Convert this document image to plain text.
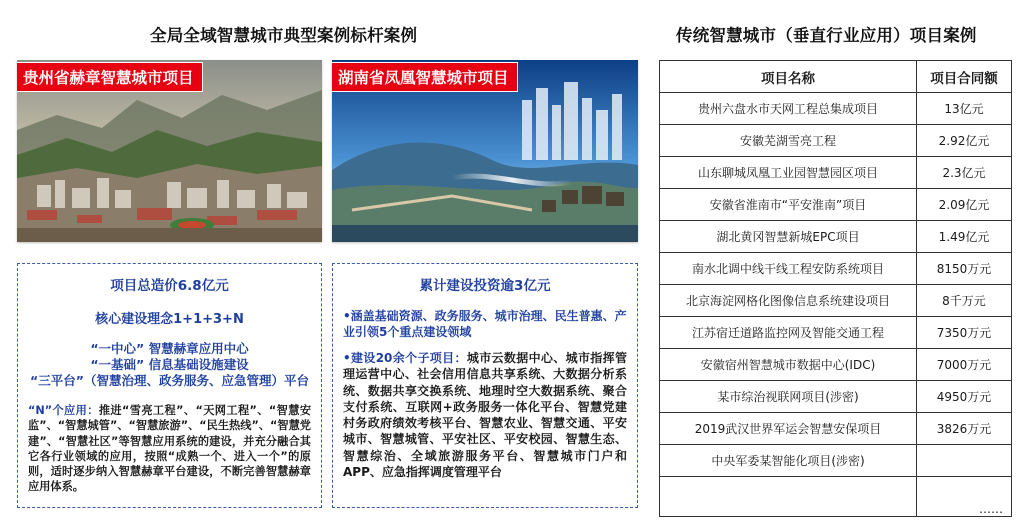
全局全域智慧城市典型案例标杆案例	传统智慧城市（垂直行业应用）项目案例
贵州省赫章智慧城市项目	湖南省凤凰智慧城市项目
项目总造价6.8亿元
核心建设理念1+1+3+N
“一中心” 智慧赫章应用中心
“一基础” 信息基础设施建设
“三平台”（智慧治理、政务服务、应急管理）平台
“N”个应用：推进“雪亮工程”、“天网工程”、“智慧安监”、“智慧城管”、“智慧旅游”、“民生热线”、“智慧党建”、“智慧社区”等智慧应用系统的建设，并充分融合其它各行业领域的应用，按照“成熟一个、进入一个”的原则，适时逐步纳入智慧赫章平台建设，不断完善智慧赫章应用体系。
累计建设投资逾3亿元
•涵盖基础资源、政务服务、城市治理、民生普惠、产业引领5个重点建设领域
•建设20余个子项目：城市云数据中心、城市指挥管理运营中心、社会信用信息共享系统、大数据分析系统、数据共享交换系统、地理时空大数据系统、聚合支付系统、互联网+政务服务一体化平台、智慧党建村务政府绩效考核平台、智慧农业、智慧交通、平安城市、智慧城管、平安社区、平安校园、智慧生态、智慧综治、全域旅游服务平台、智慧城市门户和APP、应急指挥调度管理平台
项目名称	项目合同额
贵州六盘水市天网工程总集成项目	13亿元
安徽芜湖雪亮工程	2.92亿元
山东聊城凤凰工业园智慧园区项目	2.3亿元
安徽省淮南市“平安淮南”项目	2.09亿元
湖北黄冈智慧新城EPC项目	1.49亿元
南水北调中线干线工程安防系统项目	8150万元
北京海淀网格化图像信息系统建设项目	8千万元
江苏宿迁道路监控网及智能交通工程	7350万元
安徽宿州智慧城市数据中心(IDC)	7000万元
某市综治视联网项目(涉密)	4950万元
2019武汉世界军运会智慧安保项目	3826万元
中央军委某智能化项目(涉密)	
	……
